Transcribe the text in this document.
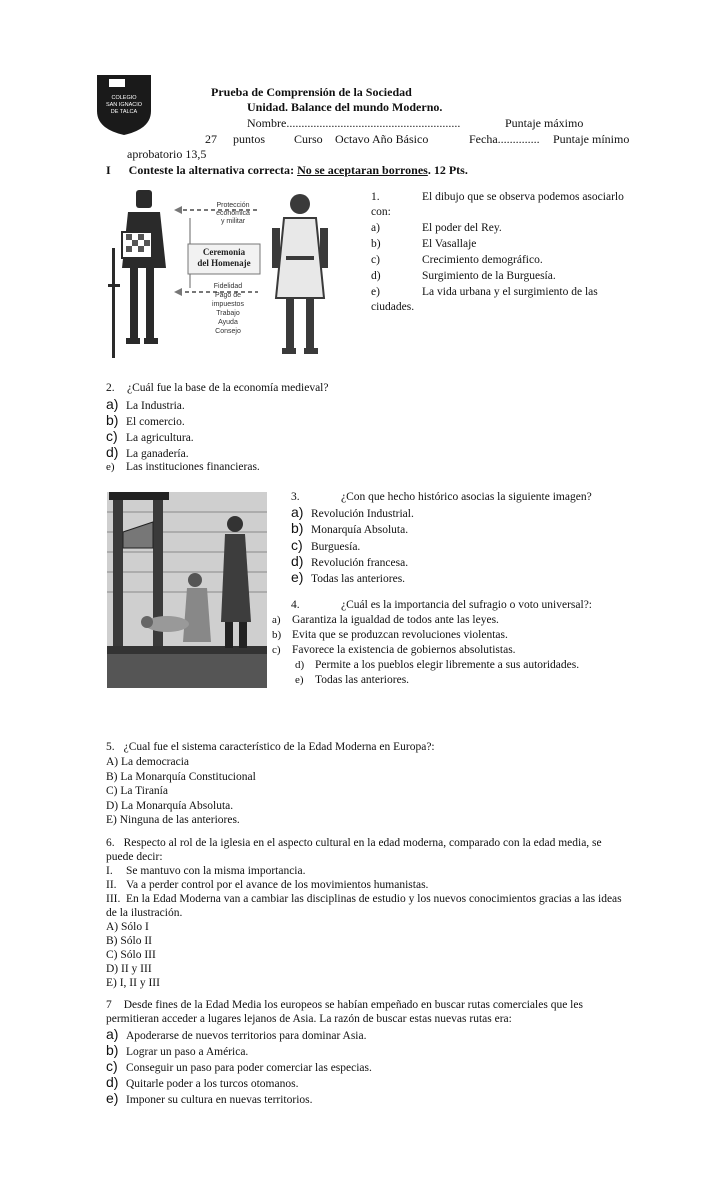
COLEGIO
SAN IGNACIO
DE TALCA
Prueba de Comprensión de la Sociedad
Unidad. Balance del mundo Moderno.
Nombre..........................................................	Puntaje máximo
27 puntos Curso Octavo Año Básico	Fecha.............. Puntaje mínimo
aprobatorio 13,5
I Conteste la alternativa correcta: No se aceptaran borrones. 12 Pts.
Protección
económica
y militar
Ceremonia
del Homenaje
Fidelidad
Pago de
impuestos
Trabajo
Ayuda
Consejo
1.	El dibujo que se observa podemos asociarlo
con:
a)	El poder del Rey.
b)	El Vasallaje
c)	Crecimiento demográfico.
d)	Surgimiento de la Burguesía.
e)	La vida urbana y el surgimiento de las
ciudades.
2. ¿Cuál fue la base de la economía medieval?
a) La Industria.
b) El comercio.
c) La agricultura.
d) La ganadería.
e) Las instituciones financieras.
3.	¿Con que hecho histórico asocias la siguiente imagen?
a) Revolución Industrial.
b) Monarquía Absoluta.
c) Burguesía.
d) Revolución francesa.
e) Todas las anteriores.
4.	¿Cuál es la importancia del sufragio o voto universal?:
a) Garantiza la igualdad de todos ante las leyes.
b) Evita que se produzcan revoluciones violentas.
c) Favorece la existencia de gobiernos absolutistas.
d) Permite a los pueblos elegir libremente a sus autoridades.
e) Todas las anteriores.
5. ¿Cual fue el sistema característico de la Edad Moderna en Europa?:
A) La democracia
B) La Monarquía Constitucional
C) La Tiranía
D) La Monarquía Absoluta.
E) Ninguna de las anteriores.
6. Respecto al rol de la iglesia en el aspecto cultural en la edad moderna, comparado con la edad media, se
puede decir:
I. Se mantuvo con la misma importancia.
II. Va a perder control por el avance de los movimientos humanistas.
III. En la Edad Moderna van a cambiar las disciplinas de estudio y los nuevos conocimientos gracias a las ideas
de la ilustración.
A) Sólo I
B) Sólo II
C) Sólo III
D) II y III
E) I, II y III
7 Desde fines de la Edad Media los europeos se habían empeñado en buscar rutas comerciales que les
permitieran acceder a lugares lejanos de Asia. La razón de buscar estas nuevas rutas era:
a) Apoderarse de nuevos territorios para dominar Asia.
b) Lograr un paso a América.
c) Conseguir un paso para poder comerciar las especias.
d) Quitarle poder a los turcos otomanos.
e) Imponer su cultura en nuevas territorios.
